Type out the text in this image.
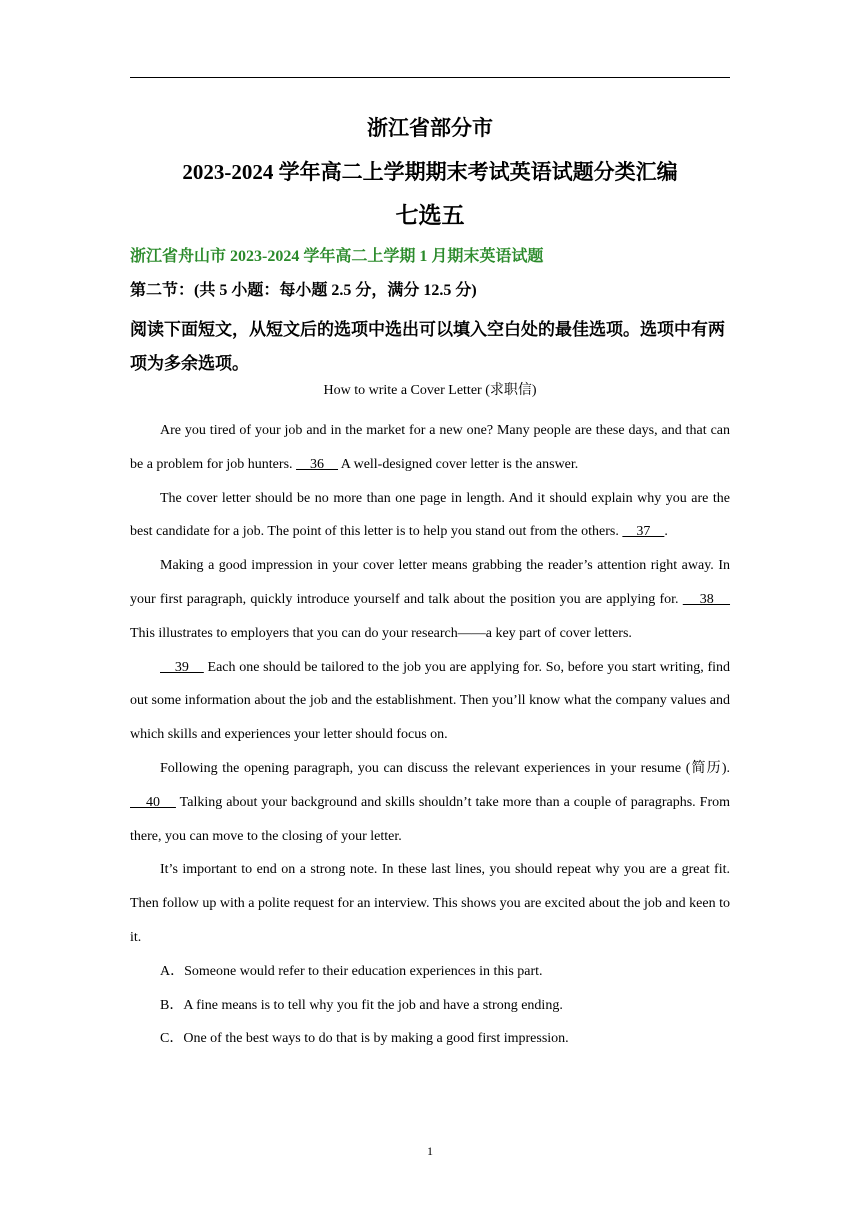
浙江省部分市
2023-2024 学年高二上学期期末考试英语试题分类汇编
七选五
浙江省舟山市 2023-2024 学年高二上学期 1 月期末英语试题
第二节：(共 5 小题：每小题 2.5 分，满分 12.5 分)
阅读下面短文，从短文后的选项中选出可以填入空白处的最佳选项。选项中有两项为多余选项。
How to write a Cover Letter (求职信)

Are you tired of your job and in the market for a new one? Many people are these days, and that can be a problem for job hunters.     36     A well-designed cover letter is the answer.

The cover letter should be no more than one page in length. And it should explain why you are the best candidate for a job. The point of this letter is to help you stand out from the others.     37    .

Making a good impression in your cover letter means grabbing the reader’s attention right away. In your first paragraph, quickly introduce yourself and talk about the position you are applying for.     38     This illustrates to employers that you can do your research——a key part of cover letters.

39     Each one should be tailored to the job you are applying for. So, before you start writing, find out some information about the job and the establishment. Then you’ll know what the company values and which skills and experiences your letter should focus on.

Following the opening paragraph, you can discuss the relevant experiences in your resume (简历).     40     Talking about your background and skills shouldn’t take more than a couple of paragraphs. From there, you can move to the closing of your letter.

It’s important to end on a strong note. In these last lines, you should repeat why you are a great fit. Then follow up with a polite request for an interview. This shows you are excited about the job and keen to it.

A．Someone would refer to their education experiences in this part.

B．A fine means is to tell why you fit the job and have a strong ending.

C．One of the best ways to do that is by making a good first impression.

1
